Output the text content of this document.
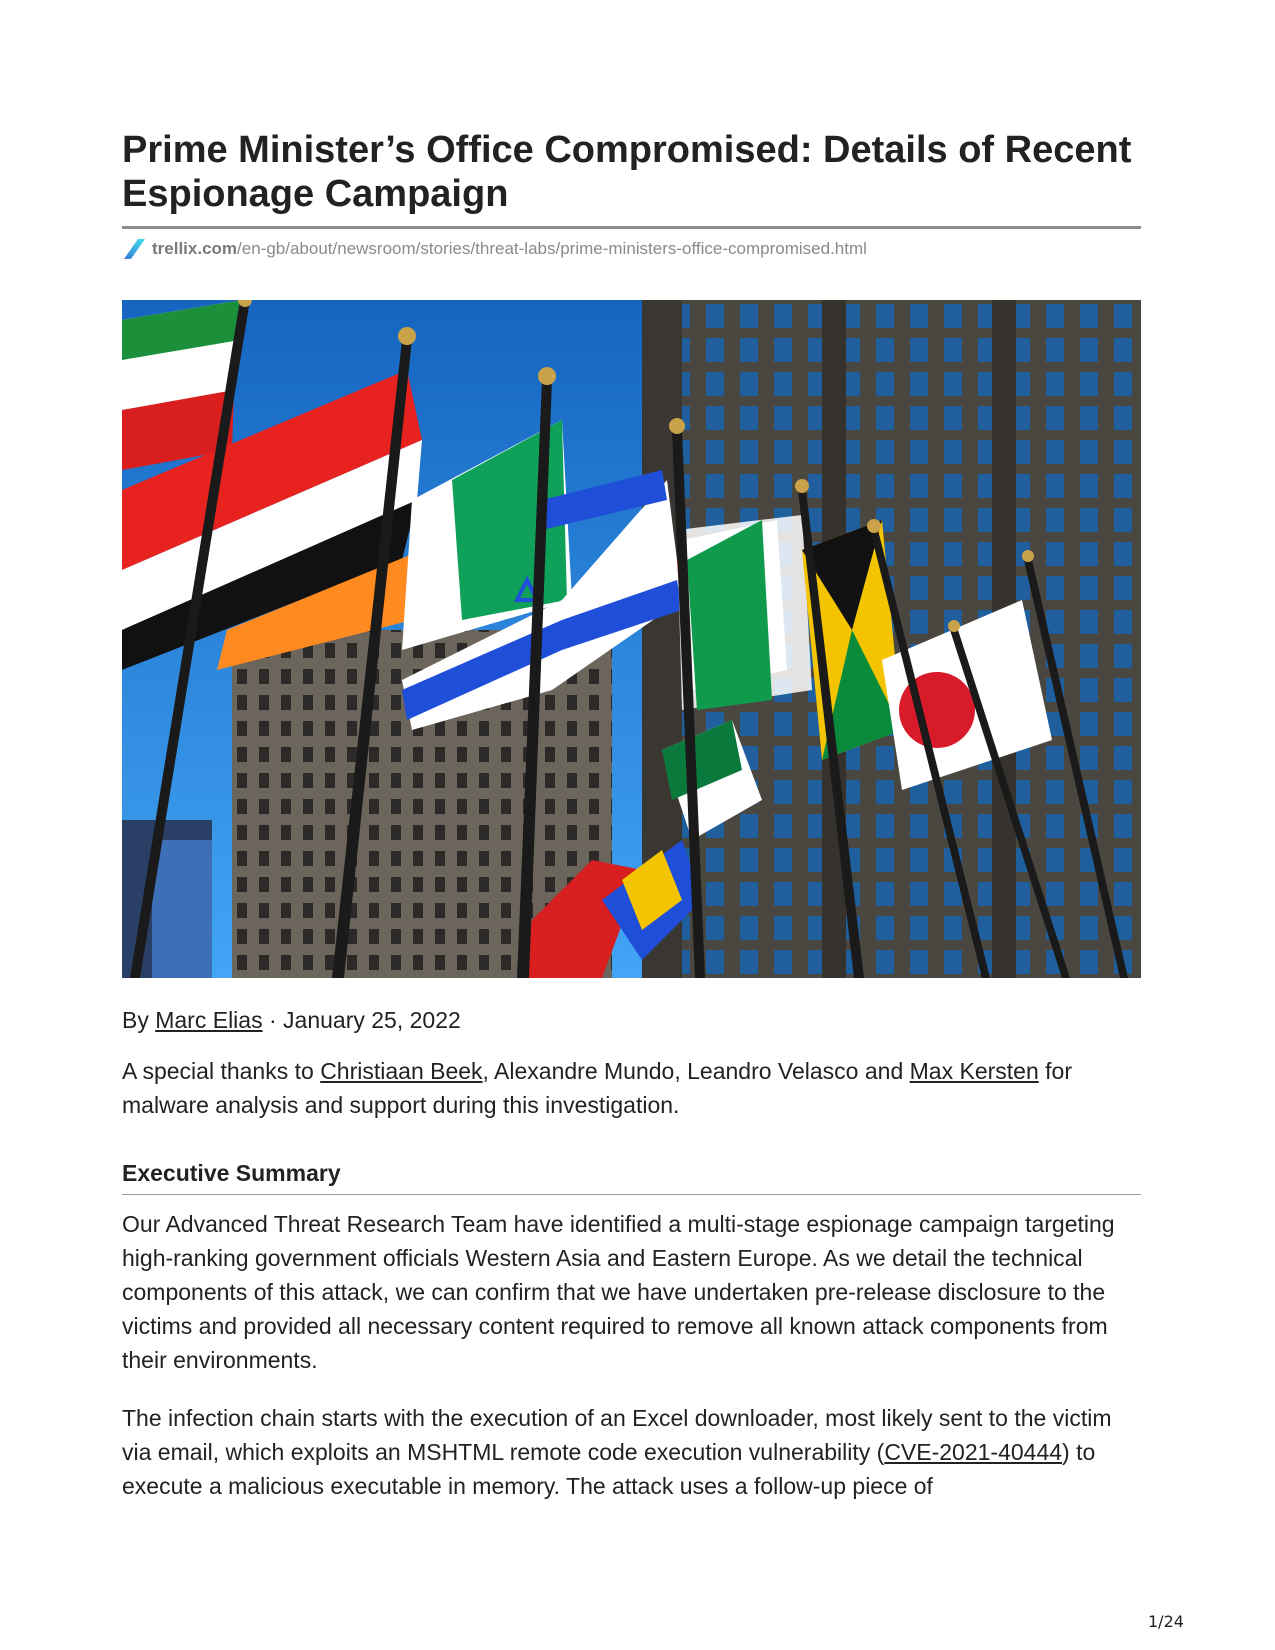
Prime Minister’s Office Compromised: Details of Recent Espionage Campaign
trellix.com /en-gb/about/newsroom/stories/threat-labs/prime-ministers-office-compromised.html
By Marc Elias · January 25, 2022

A special thanks to Christiaan Beek, Alexandre Mundo, Leandro Velasco and Max Kersten for malware analysis and support during this investigation.

Executive Summary

Our Advanced Threat Research Team have identified a multi-stage espionage campaign targeting high-ranking government officials Western Asia and Eastern Europe. As we detail the technical components of this attack, we can confirm that we have undertaken pre-release disclosure to the victims and provided all necessary content required to remove all known attack components from their environments.

The infection chain starts with the execution of an Excel downloader, most likely sent to the victim via email, which exploits an MSHTML remote code execution vulnerability (CVE-2021-40444) to execute a malicious executable in memory. The attack uses a follow-up piece of

1/24
